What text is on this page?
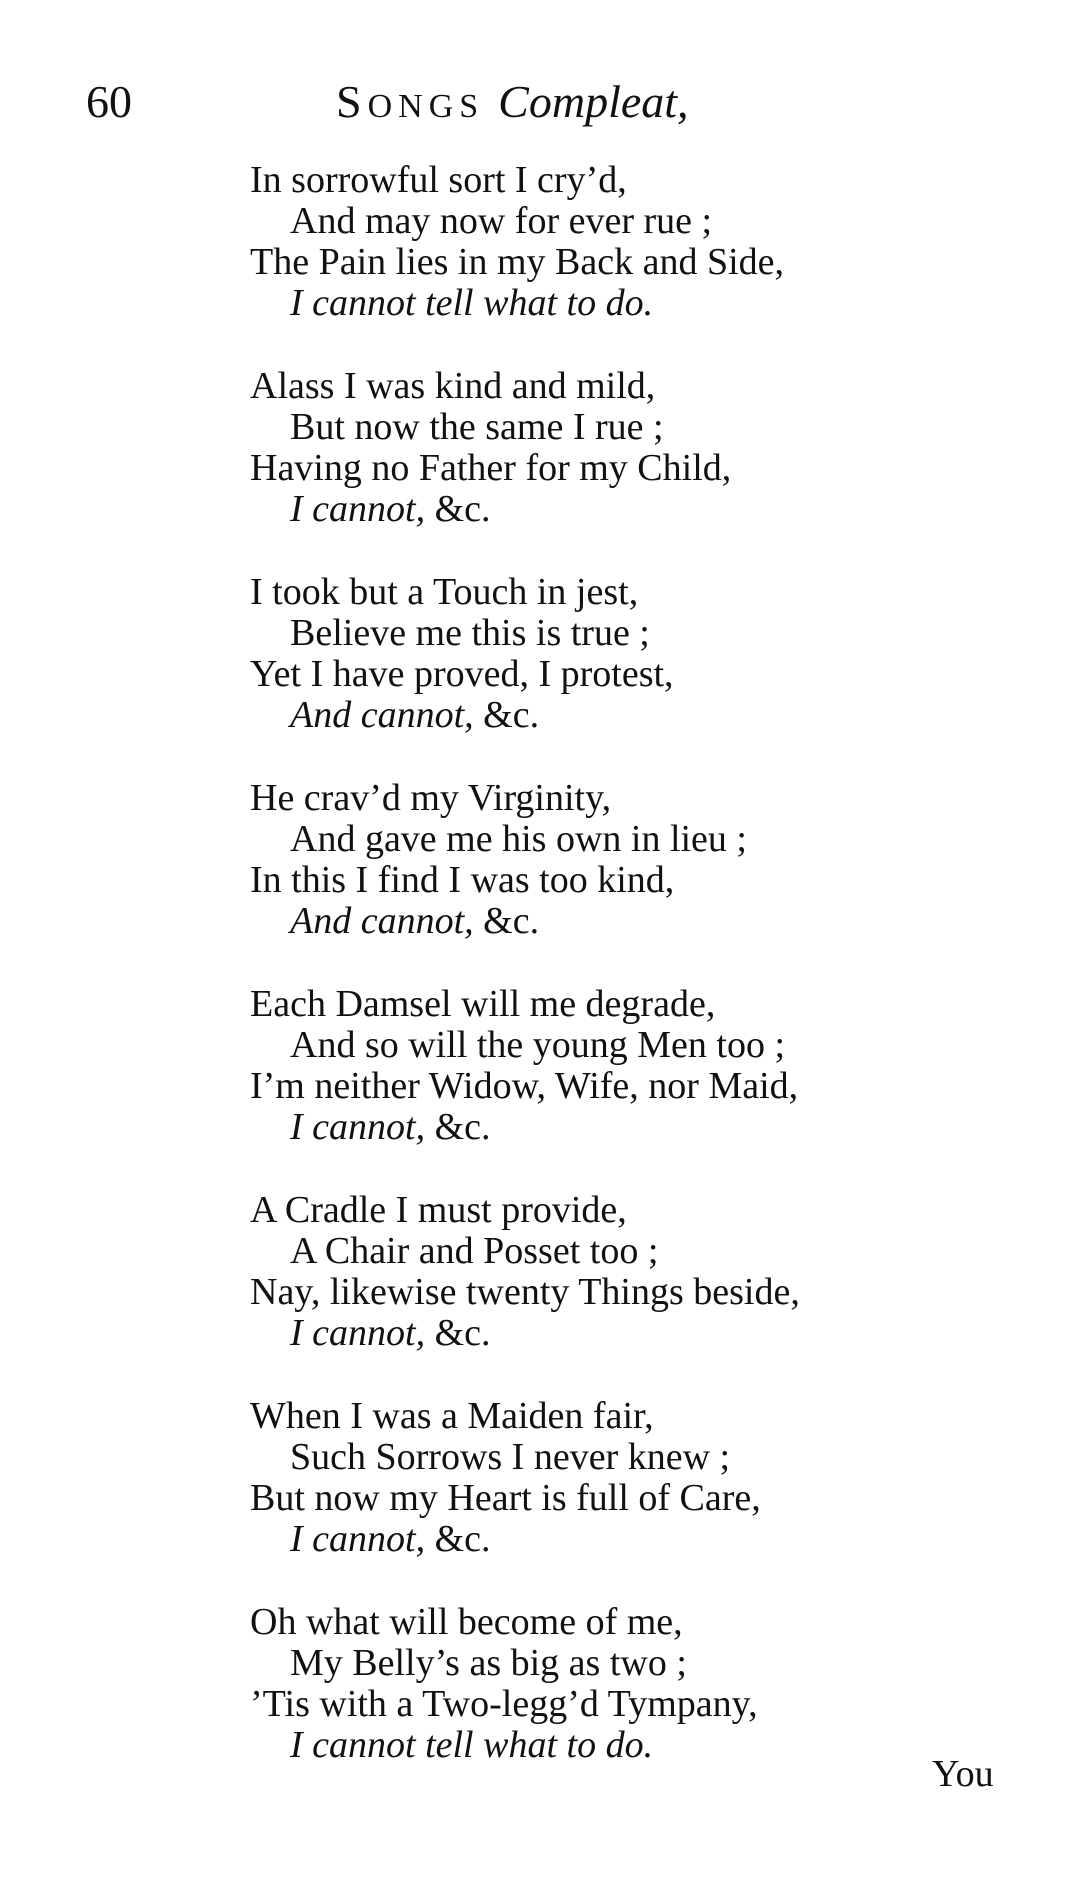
60	SONGS Compleat,
In sorrowful sort I cry’d,
And may now for ever rue ;
The Pain lies in my Back and Side,
I cannot tell what to do.
Alass I was kind and mild,
But now the same I rue ;
Having no Father for my Child,
I cannot, &c.
I took but a Touch in jest,
Believe me this is true ;
Yet I have proved, I protest,
And cannot, &c.
He crav’d my Virginity,
And gave me his own in lieu ;
In this I find I was too kind,
And cannot, &c.
Each Damsel will me degrade,
And so will the young Men too ;
I’m neither Widow, Wife, nor Maid,
I cannot, &c.
A Cradle I must provide,
A Chair and Posset too ;
Nay, likewise twenty Things beside,
I cannot, &c.
When I was a Maiden fair,
Such Sorrows I never knew ;
But now my Heart is full of Care,
I cannot, &c.
Oh what will become of me,
My Belly’s as big as two ;
’Tis with a Two-legg’d Tympany,
I cannot tell what to do.
You
